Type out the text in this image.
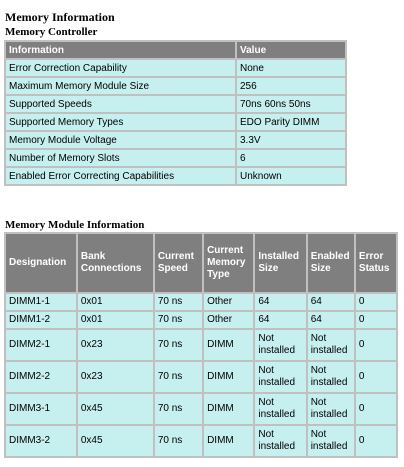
Memory Information
Memory Controller
Information	Value
Error Correction Capability	None
Maximum Memory Module Size	256
Supported Speeds	70ns 60ns 50ns
Supported Memory Types	EDO Parity DIMM
Memory Module Voltage	3.3V
Number of Memory Slots	6
Enabled Error Correcting Capabilities	Unknown
Memory Module Information
Designation	Bank Connections	Current Speed	Current Memory Type	Installed Size	Enabled Size	Error Status
DIMM1-1	0x01	70 ns	Other	64	64	0
DIMM1-2	0x01	70 ns	Other	64	64	0
DIMM2-1	0x23	70 ns	DIMM	Not installed	Not installed	0
DIMM2-2	0x23	70 ns	DIMM	Not installed	Not installed	0
DIMM3-1	0x45	70 ns	DIMM	Not installed	Not installed	0
DIMM3-2	0x45	70 ns	DIMM	Not installed	Not installed	0
